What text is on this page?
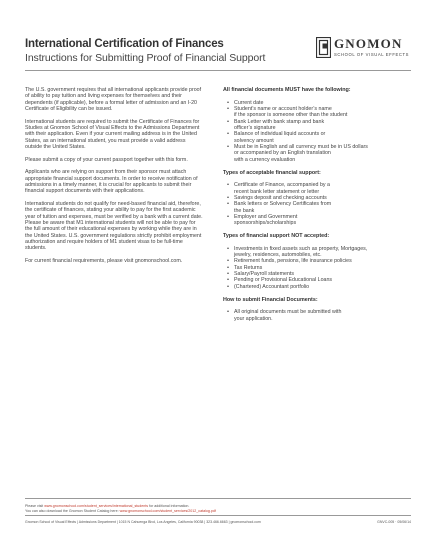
International Certification of Finances
Instructions for Submitting Proof of Financial Support
GNOMON
SCHOOL OF VISUAL EFFECTS

The U.S. government requires that all international applicants provide proof of ability to pay tuition and living expenses for themselves and their dependents (if applicable), before a formal letter of admission and an I-20 Certificate of Eligibility can be issued.

International students are required to submit the Certificate of Finances for Studies at Gnomon School of Visual Effects to the Admissions Department with their application. Even if your current mailing address is in the United States, as an international student, you must provide a valid address outside the United States.

Please submit a copy of your current passport together with this form.

Applicants who are relying on support from their sponsor must attach appropriate financial support documents. In order to receive notification of admissions in a timely manner, it is crucial for applicants to submit their financial support documents with their applications.

International students do not qualify for need-based financial aid, therefore, the certificate of finances, stating your ability to pay for the first academic year of tuition and expenses, must be verified by a bank with a current date. Please be aware that M1 international students will not be able to pay for the full amount of their educational expenses by working while they are in the United States. U.S. government regulations strictly prohibit employment authorization and require holders of M1 student visas to be full-time students.

For current financial requirements, please visit gnomonschool.com.

All financial documents MUST have the following:
• Current date
• Student’s name or account holder’s name
if the sponsor is someone other than the student
• Bank Letter with bank stamp and bank
officer’s signature
• Balance of individual liquid accounts or
solvency amount
• Must be in English and all currency must be in US dollars
or accompanied by an English translation
with a currency evaluation
Types of acceptable financial support:
• Certificate of Finance, accompanied by a
recent bank letter statement or letter
• Savings deposit and checking accounts
• Bank letters or Solvency Certificates from
the bank
• Employer and Government
sponsorships/scholarships
Types of financial support NOT accepted:
• Investments in fixed assets such as property, Mortgages,
jewelry, residences, automobiles, etc.
• Retirement funds, pensions, life insurance policies
• Tax Returns
• Salary/Payroll statements
• Pending or Provisional Educational Loans
• (Chartered) Accountant portfolio
How to submit Financial Documents:
• All original documents must be submitted with
your application.
Please visit www.gnomonschool.com/student_services/international_students for additional information.
You can also download the Gnomon Student Catalog here: www.gnomonschool.com/student_services/2012_catalog.pdf
Gnomon School of Visual Effects | Admissions Department | 1015 N Cahuenga Blvd, Los Angeles, California 90038 | 323.466.6663 | gnomonschool.com	GNVC-005 · 05/06/14
